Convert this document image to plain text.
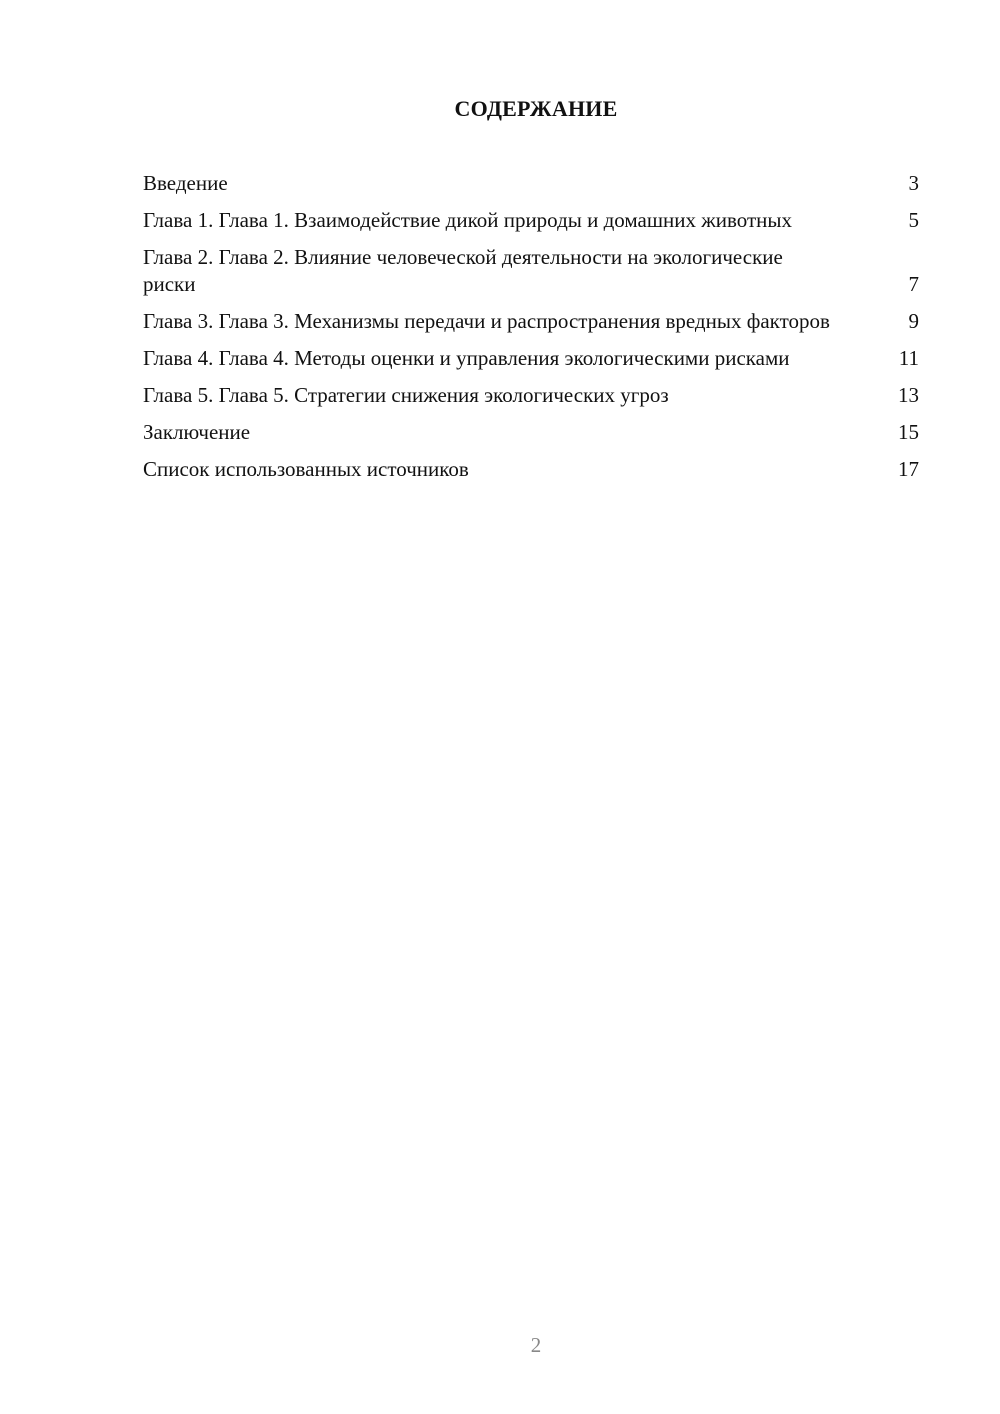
СОДЕРЖАНИЕ
Введение	3
Глава 1. Глава 1. Взаимодействие дикой природы и домашних животных	5
Глава 2. Глава 2. Влияние человеческой деятельности на экологические риски	7
Глава 3. Глава 3. Механизмы передачи и распространения вредных факторов	9
Глава 4. Глава 4. Методы оценки и управления экологическими рисками	11
Глава 5. Глава 5. Стратегии снижения экологических угроз	13
Заключение	15
Список использованных источников	17
2
